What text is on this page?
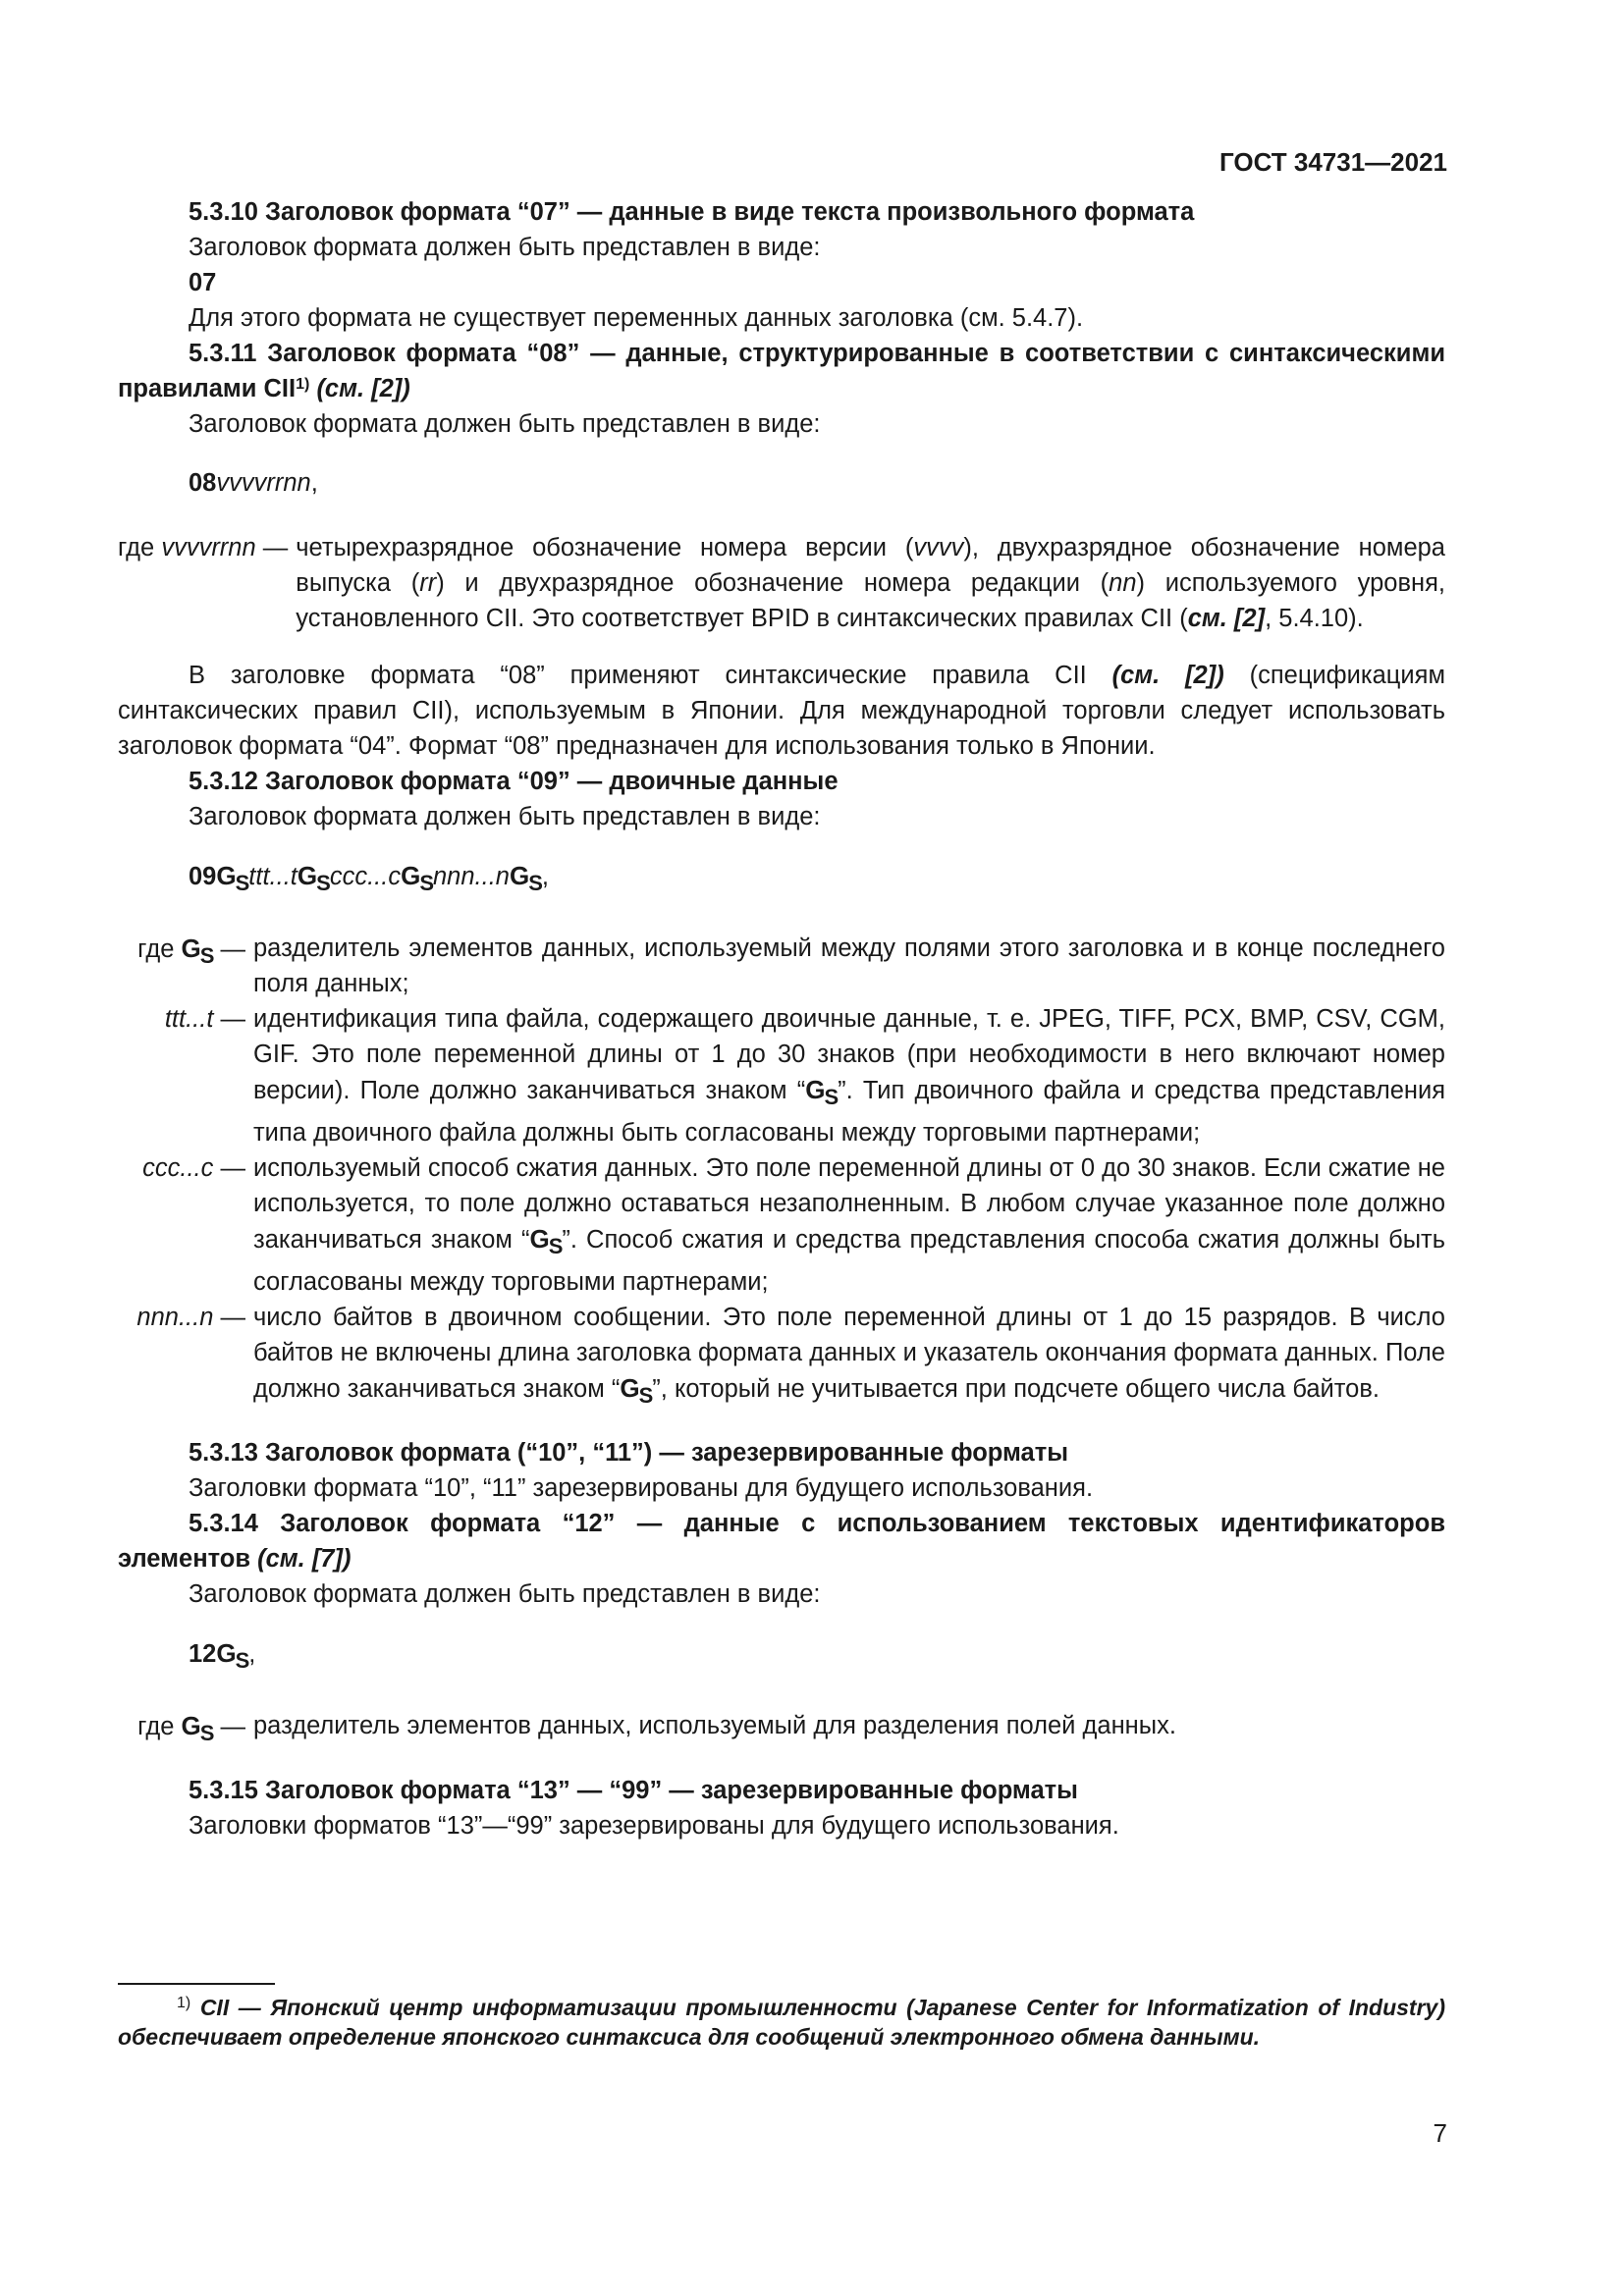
ГОСТ 34731—2021

5.3.10 Заголовок формата “07” — данные в виде текста произвольного формата

Заголовок формата должен быть представлен в виде:

07

Для этого формата не существует переменных данных заголовка (см. 5.4.7).

5.3.11 Заголовок формата “08” — данные, структурированные в соответствии с синтаксическими правилами CII$^{1)}$ (см. [2])

Заголовок формата должен быть представлен в виде:

08vvvvrrnn,

где vvvvrrnn —	четырехразрядное обозначение номера версии (vvvv), двухразрядное обозначение номера выпуска (rr) и двухразрядное обозначение номера редакции (nn) используемого уровня, установленного CII. Это соответствует BPID в синтаксических правилах CII (см. [2], 5.4.10).

В заголовке формата “08” применяют синтаксические правила CII (см. [2]) (спецификациям синтаксических правил CII), используемым в Японии. Для международной торговли следует использовать заголовок формата “04”. Формат “08” предназначен для использования только в Японии.

5.3.12 Заголовок формата “09” — двоичные данные

Заголовок формата должен быть представлен в виде:

$09G_Sttt...tG_Sccc...cG_Snnn...nG_S$,

где $G_S$ —	разделитель элементов данных, используемый между полями этого заголовка и в конце последнего поля данных;
ttt...t —	идентификация типа файла, содержащего двоичные данные, т. е. JPEG, TIFF, PCX, BMP, CSV, CGM, GIF. Это поле переменной длины от 1 до 30 знаков (при необходимости в него включают номер версии). Поле должно заканчиваться знаком “$G_S$”. Тип двоичного файла и средства представления типа двоичного файла должны быть согласованы между торговыми партнерами;
ccc...c —	используемый способ сжатия данных. Это поле переменной длины от 0 до 30 знаков. Если сжатие не используется, то поле должно оставаться незаполненным. В любом случае указанное поле должно заканчиваться знаком “$G_S$”. Способ сжатия и средства представления способа сжатия должны быть согласованы между торговыми партнерами;
nnn...n —	число байтов в двоичном сообщении. Это поле переменной длины от 1 до 15 разрядов. В число байтов не включены длина заголовка формата данных и указатель окончания формата данных. Поле должно заканчиваться знаком “$G_S$”, который не учитывается при подсчете общего числа байтов.

5.3.13 Заголовок формата (“10”, “11”) — зарезервированные форматы

Заголовки формата “10”, “11” зарезервированы для будущего использования.

5.3.14 Заголовок формата “12” — данные с использованием текстовых идентификаторов элементов (см. [7])

Заголовок формата должен быть представлен в виде:

$12G_S$,

где $G_S$ —	разделитель элементов данных, используемый для разделения полей данных.

5.3.15 Заголовок формата “13” — “99” — зарезервированные форматы

Заголовки форматов “13”—“99” зарезервированы для будущего использования.

$^{1)}$ CII — Японский центр информатизации промышленности (Japanese Center for Informatization of Industry) обеспечивает определение японского синтаксиса для сообщений электронного обмена данными.
7
